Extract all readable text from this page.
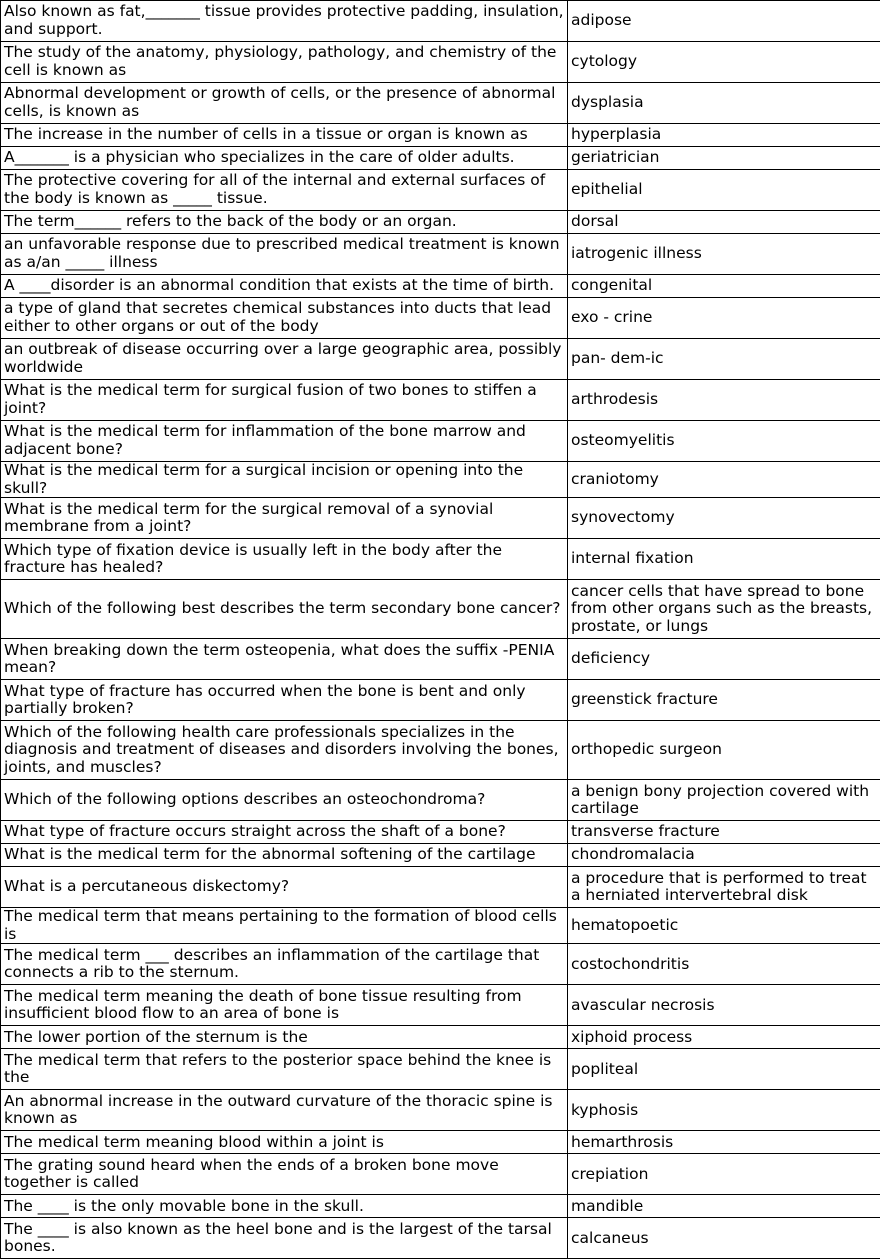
Also known as fat,_______ tissue provides protective padding, insulation, and support.	adipose
The study of the anatomy, physiology, pathology, and chemistry of the cell is known as	cytology
Abnormal development or growth of cells, or the presence of abnormal cells, is known as	dysplasia
The increase in the number of cells in a tissue or organ is known as	hyperplasia
A_______ is a physician who specializes in the care of older adults.	geriatrician
The protective covering for all of the internal and external surfaces of the body is known as _____ tissue.	epithelial
The term______ refers to the back of the body or an organ.	dorsal
an unfavorable response due to prescribed medical treatment is known as a/an _____ illness	iatrogenic illness
A ____disorder is an abnormal condition that exists at the time of birth.	congenital
a type of gland that secretes chemical substances into ducts that lead either to other organs or out of the body	exo - crine
an outbreak of disease occurring over a large geographic area, possibly worldwide	pan- dem-ic
What is the medical term for surgical fusion of two bones to stiffen a joint?	arthrodesis
What is the medical term for inflammation of the bone marrow and adjacent bone?	osteomyelitis
What is the medical term for a surgical incision or opening into the skull?	craniotomy
What is the medical term for the surgical removal of a synovial membrane from a joint?	synovectomy
Which type of fixation device is usually left in the body after the fracture has healed?	internal fixation
Which of the following best describes the term secondary bone cancer?	cancer cells that have spread to bone from other organs such as the breasts, prostate, or lungs
When breaking down the term osteopenia, what does the suffix -PENIA mean?	deficiency
What type of fracture has occurred when the bone is bent and only partially broken?	greenstick fracture
Which of the following health care professionals specializes in the diagnosis and treatment of diseases and disorders involving the bones, joints, and muscles?	orthopedic surgeon
Which of the following options describes an osteochondroma?	a benign bony projection covered with cartilage
What type of fracture occurs straight across the shaft of a bone?	transverse fracture
What is the medical term for the abnormal softening of the cartilage	chondromalacia
What is a percutaneous diskectomy?	a procedure that is performed to treat a herniated intervertebral disk
The medical term that means pertaining to the formation of blood cells is	hematopoetic
The medical term ___ describes an inflammation of the cartilage that connects a rib to the sternum.	costochondritis
The medical term meaning the death of bone tissue resulting from insufficient blood flow to an area of bone is	avascular necrosis
The lower portion of the sternum is the	xiphoid process
The medical term that refers to the posterior space behind the knee is the	popliteal
An abnormal increase in the outward curvature of the thoracic spine is known as	kyphosis
The medical term meaning blood within a joint is	hemarthrosis
The grating sound heard when the ends of a broken bone move together is called	crepiation
The ____ is the only movable bone in the skull.	mandible
The ____ is also known as the heel bone and is the largest of the tarsal bones.	calcaneus
